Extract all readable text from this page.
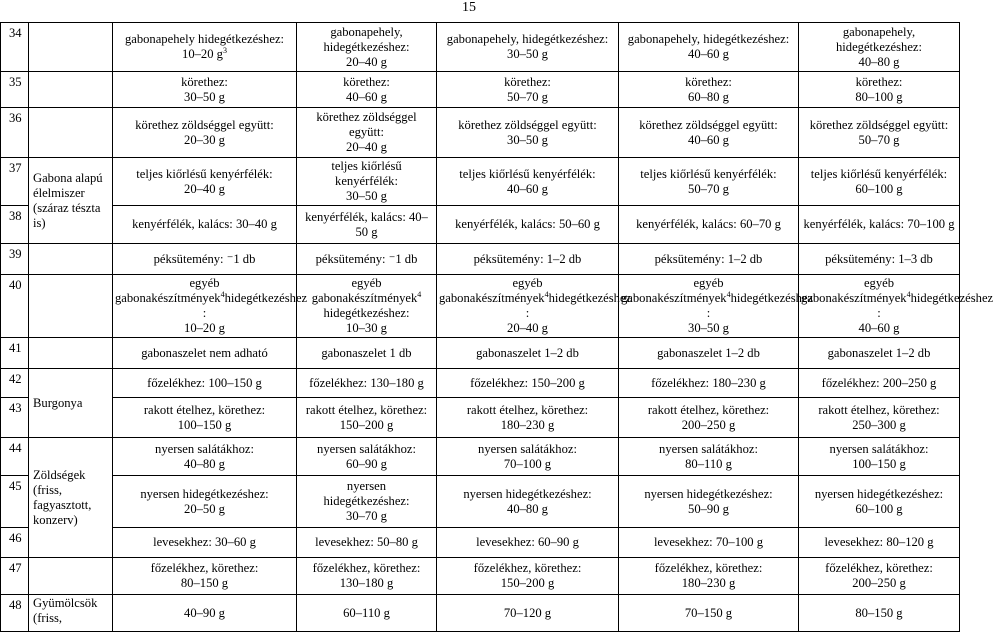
15
34		gabonapehely hidegétkezéshez:
10–20 $g^3$	gabonapehely, hidegétkezéshez:
20–40 g	gabonapehely, hidegétkezéshez:
30–50 g	gabonapehely, hidegétkezéshez:
40–60 g	gabonapehely, hidegétkezéshez:
40–80 g
35		körethez:
30–50 g	körethez:
40–60 g	körethez:
50–70 g	körethez:
60–80 g	körethez:
80–100 g
36		körethez zöldséggel együtt:
20–30 g	körethez zöldséggel
együtt:
20–40 g	körethez zöldséggel együtt:
30–50 g	körethez zöldséggel együtt:
40–60 g	körethez zöldséggel együtt:
50–70 g
37	Gabona alapú élelmiszer
(száraz tészta is)	teljes kiőrlésű kenyérfélék:
20–40 g	teljes kiőrlésű
kenyérfélék:
30–50 g	teljes kiőrlésű kenyérfélék:
40–60 g	teljes kiőrlésű kenyérfélék:
50–70 g	teljes kiőrlésű kenyérfélék:
60–100 g
38		kenyérfélék, kalács: 30–40 g	kenyérfélék, kalács: 40–
50 g	kenyérfélék, kalács: 50–60 g	kenyérfélék, kalács: 60–70 g	kenyérfélék, kalács: 70–100 g
39		péksütemény: ⁻1 db	péksütemény: ⁻1 db	péksütemény: 1–2 db	péksütemény: 1–2 db	péksütemény: 1–3 db
40		egyéb
gabonakészítmények$^4$hidegétkezéshez
:
10–20 g	egyéb
gabonakészítmények$^4$
hidegétkezéshez:
10–30 g	egyéb
gabonakészítmények$^4$hidegétkezéshez
:
20–40 g	egyéb
gabonakészítmények$^4$hidegétkezéshez
:
30–50 g	egyéb
gabonakészítmények$^4$hidegétkezéshez
:
40–60 g
41		gabonaszelet nem adható	gabonaszelet 1 db	gabonaszelet 1–2 db	gabonaszelet 1–2 db	gabonaszelet 1–2 db
42	Burgonya	főzelékhez: 100–150 g	főzelékhez: 130–180 g	főzelékhez: 150–200 g	főzelékhez: 180–230 g	főzelékhez: 200–250 g
43		rakott ételhez, körethez:
100–150 g	rakott ételhez, körethez:
150–200 g	rakott ételhez, körethez:
180–230 g	rakott ételhez, körethez:
200–250 g	rakott ételhez, körethez:
250–300 g
44	Zöldségek (friss, fagyasztott, konzerv)	nyersen salátákhoz:
40–80 g	nyersen salátákhoz:
60–90 g	nyersen salátákhoz:
70–100 g	nyersen salátákhoz:
80–110 g	nyersen salátákhoz:
100–150 g
45		nyersen hidegétkezéshez:
20–50 g	nyersen
hidegétkezéshez:
30–70 g	nyersen hidegétkezéshez:
40–80 g	nyersen hidegétkezéshez:
50–90 g	nyersen hidegétkezéshez:
60–100 g
46		levesekhez: 30–60 g	levesekhez: 50–80 g	levesekhez: 60–90 g	levesekhez: 70–100 g	levesekhez: 80–120 g
47		főzelékhez, körethez:
80–150 g	főzelékhez, körethez:
130–180 g	főzelékhez, körethez:
150–200 g	főzelékhez, körethez:
180–230 g	főzelékhez, körethez:
200–250 g
48	Gyümölcsök (friss,	40–90 g	60–110 g	70–120 g	70–150 g	80–150 g
